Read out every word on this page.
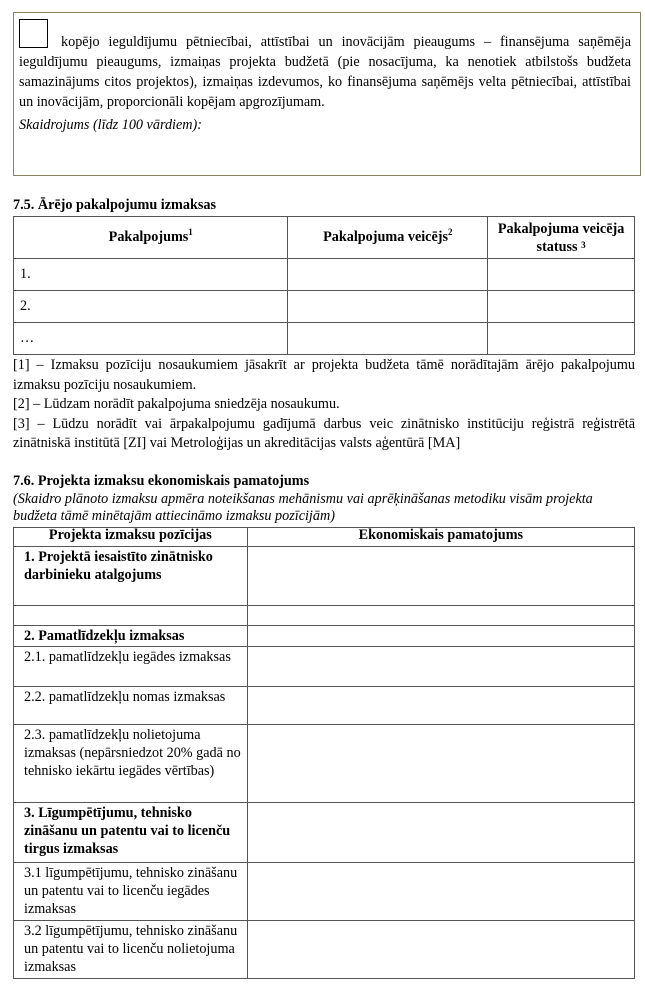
kopējo ieguldījumu pētniecībai, attīstībai un inovācijām pieaugums – finansējuma saņēmēja ieguldījumu pieaugums, izmaiņas projekta budžetā (pie nosacījuma, ka nenotiek atbilstošs budžeta samazinājums citos projektos), izmaiņas izdevumos, ko finansējuma saņēmējs velta pētniecībai, attīstībai un inovācijām, proporcionāli kopējam apgrozījumam.

Skaidrojums (līdz 100 vārdiem):
7.5. Ārējo pakalpojumu izmaksas
Pakalpojums$^1$	Pakalpojuma veicējs$^2$	Pakalpojuma veicēja statuss $^3$
1.		
2.		
…		

[1] – Izmaksu pozīciju nosaukumiem jāsakrīt ar projekta budžeta tāmē norādītajām ārējo pakalpojumu izmaksu pozīciju nosaukumiem.

[2] – Lūdzam norādīt pakalpojuma sniedzēja nosaukumu.

[3] – Lūdzu norādīt vai ārpakalpojumu gadījumā darbus veic zinātnisko institūciju reģistrā reģistrētā zinātniskā institūtā [ZI] vai Metroloģijas un akreditācijas valsts aģentūrā [MA]

7.6. Projekta izmaksu ekonomiskais pamatojums
(Skaidro plānoto izmaksu apmēra noteikšanas mehānismu vai aprēķināšanas metodiku visām projekta budžeta tāmē minētajām attiecināmo izmaksu pozīcijām)
Projekta izmaksu pozīcijas	Ekonomiskais pamatojums
1. Projektā iesaistīto zinātnisko darbinieku atalgojums	

2. Pamatlīdzekļu izmaksas	
2.1. pamatlīdzekļu iegādes izmaksas	
2.2. pamatlīdzekļu nomas izmaksas	
2.3. pamatlīdzekļu nolietojuma izmaksas (nepārsniedzot 20% gadā no tehnisko iekārtu iegādes vērtības)	
3. Līgumpētījumu, tehnisko zināšanu un patentu vai to licenču tirgus izmaksas	
3.1 līgumpētījumu, tehnisko zināšanu un patentu vai to licenču iegādes izmaksas	
3.2 līgumpētījumu, tehnisko zināšanu un patentu vai to licenču nolietojuma izmaksas	
